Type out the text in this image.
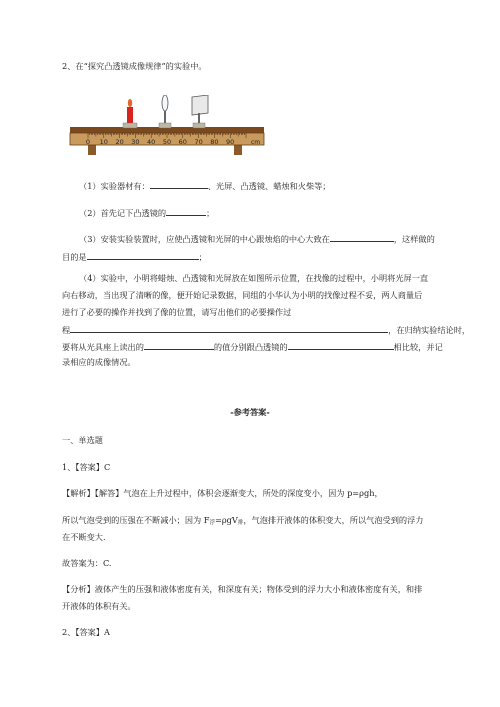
2、在“探究凸透镜成像规律”的实验中。
0 10 20 30 40 50 60 70 80 90	cm
（1）实验器材有：	、光屏、凸透镜、蜡烛和火柴等；
（2）首先记下凸透镜的	；
（3）安装实验装置时，应使凸透镜和光屏的中心跟烛焰的中心大致在	，这样做的
目的是	；
（4）实验中，小明将蜡烛、凸透镜和光屏放在如图所示位置，在找像的过程中，小明将光屏一直
向右移动，当出现了清晰的像，便开始记录数据，同组的小华认为小明的找像过程不妥，两人商量后
进行了必要的操作并找到了像的位置，请写出他们的必要操作过
程	，在归纳实验结论时，
要将从光具座上读出的	的值分别跟凸透镜的	相比较，并记
录相应的成像情况。
-参考答案-
一、单选题
1、【答案】C
【解析】【解答】气泡在上升过程中，体积会逐渐变大，所处的深度变小，因为 p=ρgh，
所以气泡受到的压强在不断减小；因为 F浮=ρgV排，气泡排开液体的体积变大，所以气泡受到的浮力
在不断变大.
故答案为：C.
【分析】液体产生的压强和液体密度有关，和深度有关；物体受到的浮力大小和液体密度有关，和排
开液体的体积有关。
2、【答案】A
